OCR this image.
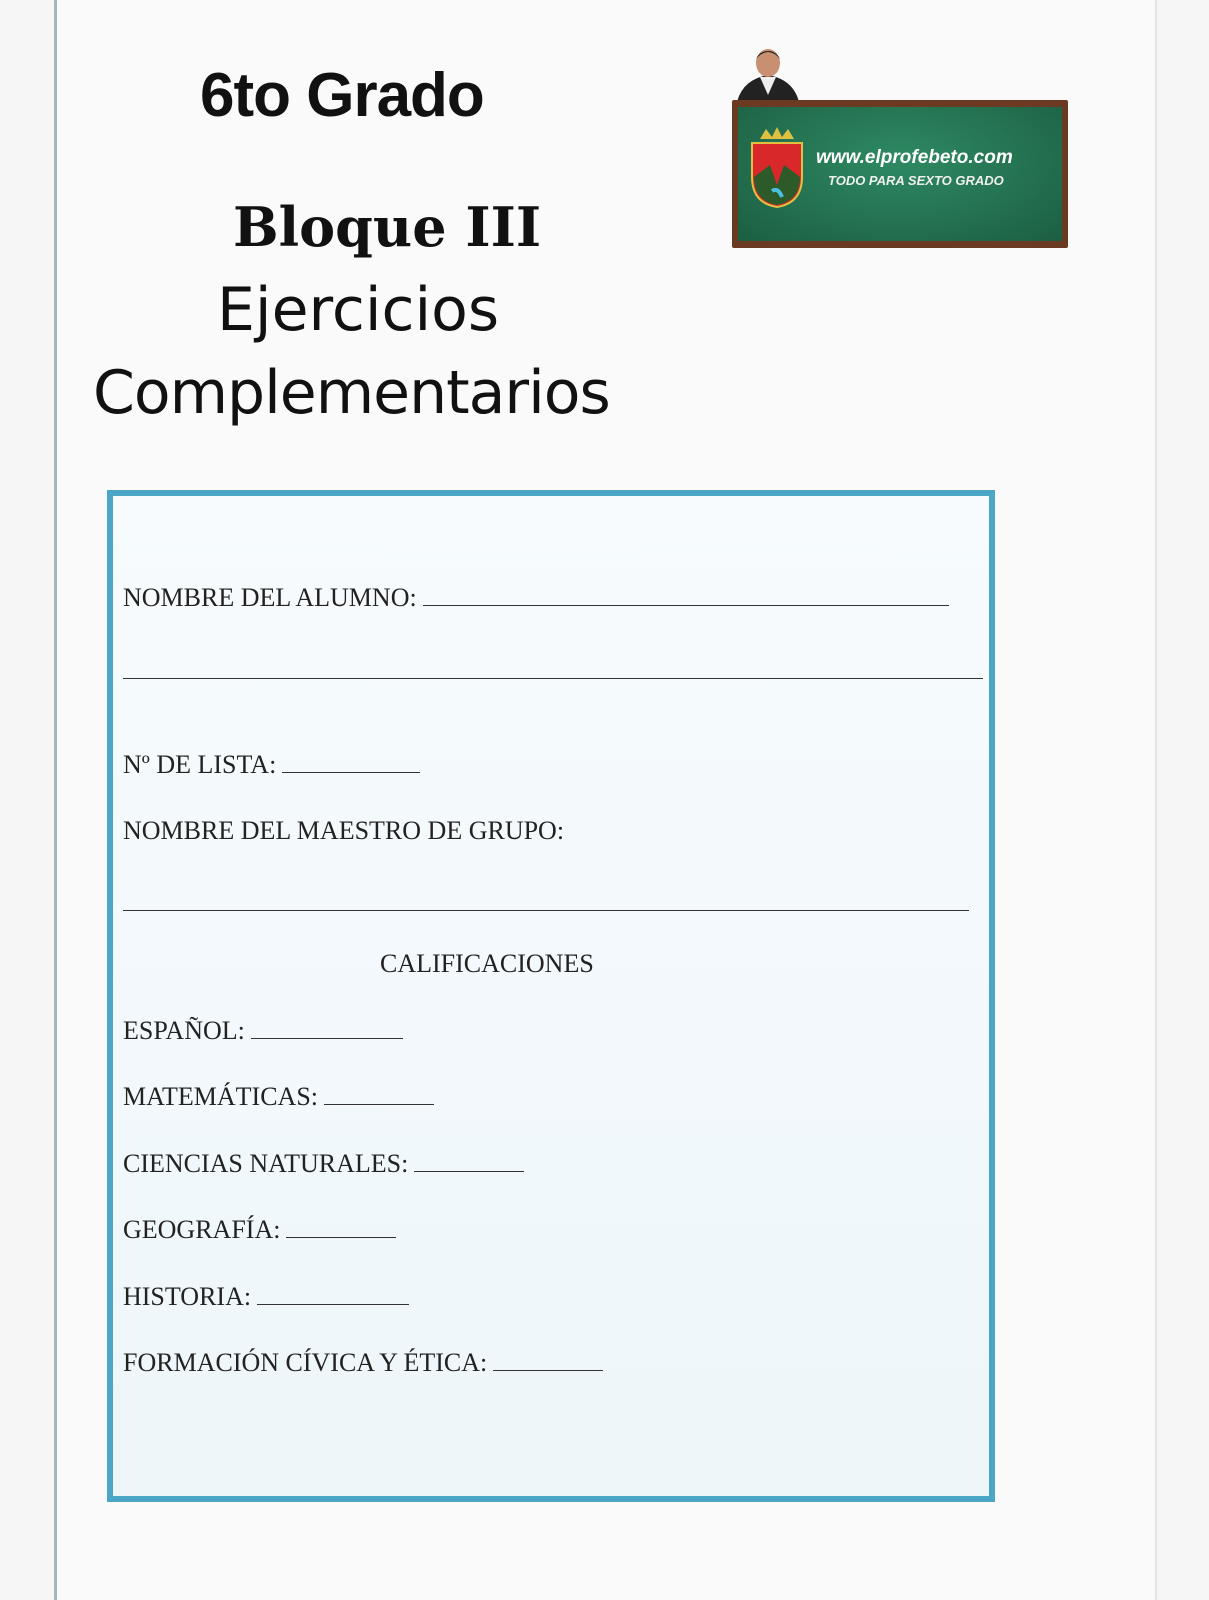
6to Grado
Bloque III
Ejercicios
Complementarios
www.elprofebeto.com
TODO PARA SEXTO GRADO
NOMBRE DEL ALUMNO:
Nº DE LISTA:
NOMBRE DEL MAESTRO DE GRUPO:
CALIFICACIONES
ESPAÑOL:
MATEMÁTICAS:
CIENCIAS NATURALES:
GEOGRAFÍA:
HISTORIA:
FORMACIÓN CÍVICA Y ÉTICA:
